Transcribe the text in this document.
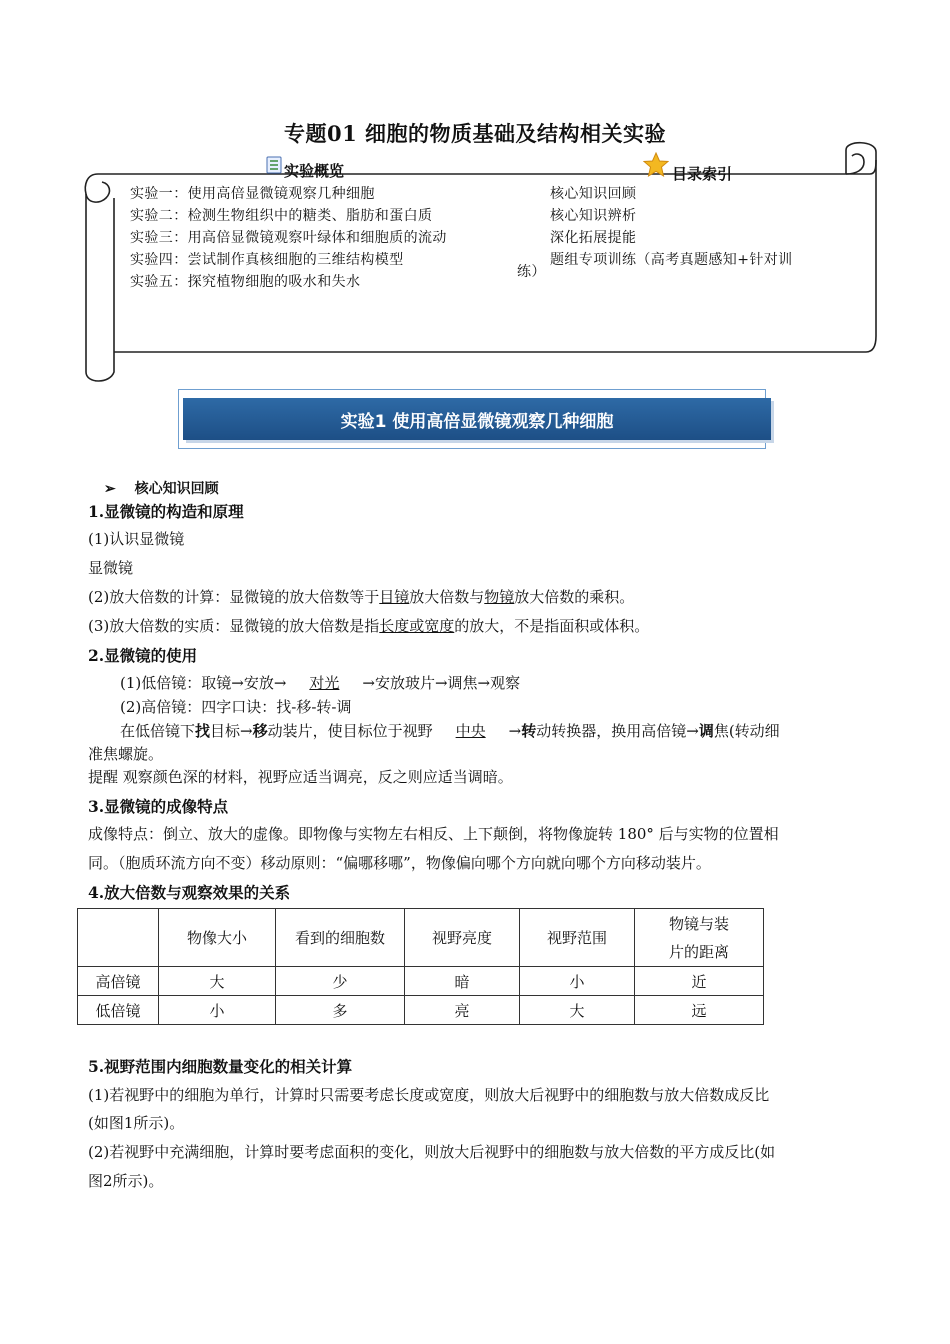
专题01 细胞的物质基础及结构相关实验
实验概览	目录索引
实验一：使用高倍显微镜观察几种细胞
实验二：检测生物组织中的糖类、脂肪和蛋白质
实验三：用高倍显微镜观察叶绿体和细胞质的流动
实验四：尝试制作真核细胞的三维结构模型
实验五：探究植物细胞的吸水和失水
核心知识回顾
核心知识辨析
深化拓展提能
题组专项训练（高考真题感知+针对训
练）
实验1 使用高倍显微镜观察几种细胞
➢ 核心知识回顾
1.显微镜的构造和原理
(1)认识显微镜
显微镜
(2)放大倍数的计算：显微镜的放大倍数等于目镜放大倍数与物镜放大倍数的乘积。
(3)放大倍数的实质：显微镜的放大倍数是指长度或宽度的放大，不是指面积或体积。
2.显微镜的使用
(1)低倍镜：取镜→安放→ 对光 →安放玻片→调焦→观察
(2)高倍镜：四字口诀：找-移-转-调
在低倍镜下找目标→移动装片，使目标位于视野 中央 →转动转换器，换用高倍镜→调焦(转动细
准焦螺旋。
提醒 观察颜色深的材料，视野应适当调亮，反之则应适当调暗。
3.显微镜的成像特点
成像特点：倒立、放大的虚像。即物像与实物左右相反、上下颠倒，将物像旋转 180° 后与实物的位置相
同。（胞质环流方向不变）移动原则：“偏哪移哪”，物像偏向哪个方向就向哪个方向移动装片。
4.放大倍数与观察效果的关系
	物像大小	看到的细胞数	视野亮度	视野范围	物镜与装
片的距离

高倍镜	大	少	暗	小	近
低倍镜	小	多	亮	大	远
5.视野范围内细胞数量变化的相关计算
(1)若视野中的细胞为单行，计算时只需要考虑长度或宽度，则放大后视野中的细胞数与放大倍数成反比
(如图1所示)。
(2)若视野中充满细胞，计算时要考虑面积的变化，则放大后视野中的细胞数与放大倍数的平方成反比(如
图2所示)。
